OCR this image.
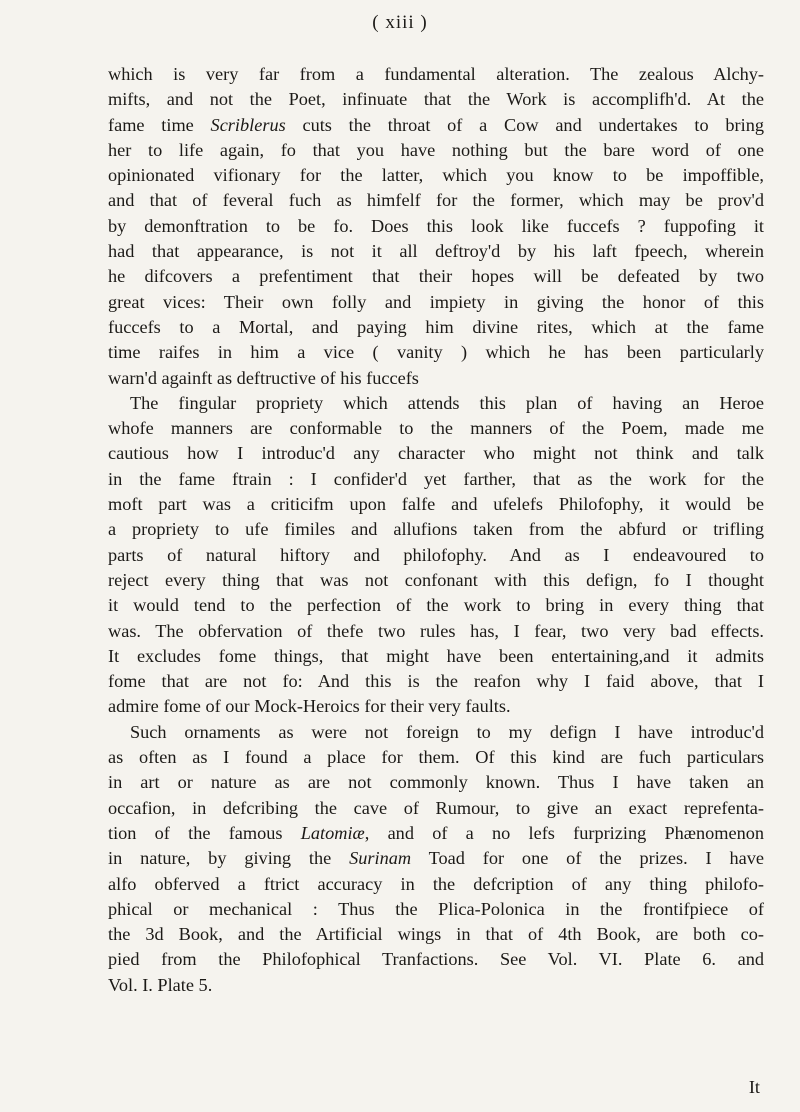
( xiii )
which is very far from a fundamental alteration. The zealous Alchy-
mifts, and not the Poet, infinuate that the Work is accomplifh'd. At the
fame time Scriblerus cuts the throat of a Cow and undertakes to bring
her to life again, fo that you have nothing but the bare word of one
opinionated vifionary for the latter, which you know to be impoffible,
and that of feveral fuch as himfelf for the former, which may be prov'd
by demonftration to be fo. Does this look like fuccefs ? fuppofing it
had that appearance, is not it all deftroy'd by his laft fpeech, wherein
he difcovers a prefentiment that their hopes will be defeated by two
great vices: Their own folly and impiety in giving the honor of this
fuccefs to a Mortal, and paying him divine rites, which at the fame
time raifes in him a vice ( vanity ) which he has been particularly
warn'd againft as deftructive of his fuccefs
The fingular propriety which attends this plan of having an Heroe
whofe manners are conformable to the manners of the Poem, made me
cautious how I introduc'd any character who might not think and talk
in the fame ftrain : I confider'd yet farther, that as the work for the
moft part was a criticifm upon falfe and ufelefs Philofophy, it would be
a propriety to ufe fimiles and allufions taken from the abfurd or trifling
parts of natural hiftory and philofophy. And as I endeavoured to
reject every thing that was not confonant with this defign, fo I thought
it would tend to the perfection of the work to bring in every thing that
was. The obfervation of thefe two rules has, I fear, two very bad effects.
It excludes fome things, that might have been entertaining,and it admits
fome that are not fo: And this is the reafon why I faid above, that I
admire fome of our Mock-Heroics for their very faults.
Such ornaments as were not foreign to my defign I have introduc'd
as often as I found a place for them. Of this kind are fuch particulars
in art or nature as are not commonly known. Thus I have taken an
occafion, in defcribing the cave of Rumour, to give an exact reprefenta-
tion of the famous Latomiæ, and of a no lefs furprizing Phænomenon
in nature, by giving the Surinam Toad for one of the prizes. I have
alfo obferved a ftrict accuracy in the defcription of any thing philofo-
phical or mechanical : Thus the Plica-Polonica in the frontifpiece of
the 3d Book, and the Artificial wings in that of 4th Book, are both co-
pied from the Philofophical Tranfactions. See Vol. VI. Plate 6. and
Vol. I. Plate 5.
It
